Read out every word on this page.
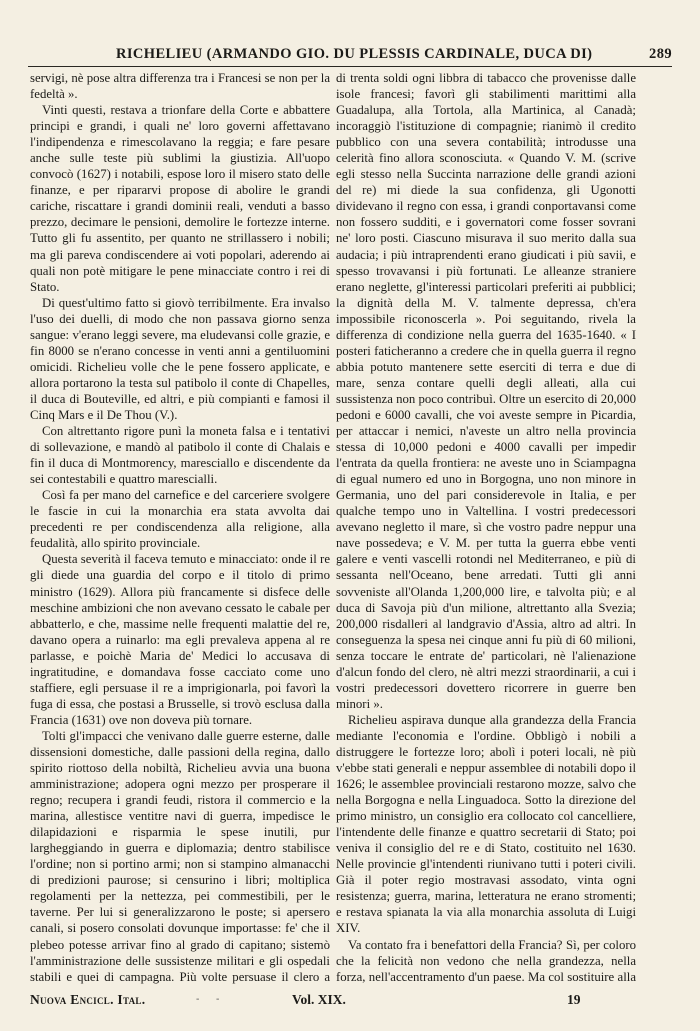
RICHELIEU (ARMANDO GIO. DU PLESSIS CARDINALE, DUCA DI)	289

servigi, nè pose altra differenza tra i Francesi se non per la fedeltà ».

Vinti questi, restava a trionfare della Corte e abbattere principi e grandi, i quali ne' loro governi affettavano l'indipendenza e rimescolavano la reggia; e fare pesare anche sulle teste più sublimi la giustizia. All'uopo convocò (1627) i notabili, espose loro il misero stato delle finanze, e per ripararvi propose di abolire le grandi cariche, riscattare i grandi dominii reali, venduti a basso prezzo, decimare le pensioni, demolire le fortezze interne. Tutto gli fu assentito, per quanto ne strillassero i nobili; ma gli pareva condiscendere ai voti popolari, aderendo ai quali non potè mitigare le pene minacciate contro i rei di Stato.

Di quest'ultimo fatto si giovò terribilmente. Era invalso l'uso dei duelli, di modo che non passava giorno senza sangue: v'erano leggi severe, ma eludevansi colle grazie, e fin 8000 se n'erano concesse in venti anni a gentiluomini omicidi. Richelieu volle che le pene fossero applicate, e allora portarono la testa sul patibolo il conte di Chapelles, il duca di Bouteville, ed altri, e più compianti e famosi il Cinq Mars e il De Thou (V.).

Con altrettanto rigore punì la moneta falsa e i tentativi di sollevazione, e mandò al patibolo il conte di Chalais e fin il duca di Montmorency, maresciallo e discendente da sei contestabili e quattro marescialli.

Così fa per mano del carnefice e del carceriere svolgere le fascie in cui la monarchia era stata avvolta dai precedenti re per condiscendenza alla religione, alla feudalità, allo spirito provinciale.

Questa severità il faceva temuto e minacciato: onde il re gli diede una guardia del corpo e il titolo di primo ministro (1629). Allora più francamente si disfece delle meschine ambizioni che non avevano cessato le cabale per abbatterlo, e che, massime nelle frequenti malattie del re, davano opera a ruinarlo: ma egli prevaleva appena al re parlasse, e poichè Maria de' Medici lo accusava di ingratitudine, e domandava fosse cacciato come uno staffiere, egli persuase il re a imprigionarla, poi favorì la fuga di essa, che postasi a Brusselle, si trovò esclusa dalla Francia (1631) ove non doveva più tornare.

Tolti gl'impacci che venivano dalle guerre esterne, dalle dissensioni domestiche, dalle passioni della regina, dallo spirito riottoso della nobiltà, Richelieu avvia una buona amministrazione; adopera ogni mezzo per prosperare il regno; recupera i grandi feudi, ristora il commercio e la marina, allestisce ventitre navi di guerra, impedisce le dilapidazioni e risparmia le spese inutili, pur largheggiando in guerra e diplomazia; dentro stabilisce l'ordine; non si portino armi; non si stampino almanacchi di predizioni paurose; si censurino i libri; moltiplica regolamenti per la nettezza, pei commestibili, per le taverne. Per lui si generalizzarono le poste; si apersero canali, si posero consolati dovunque importasse: fe' che il plebeo potesse arrivar fino al grado di capitano; sistemò l'amministrazione delle sussistenze militari e gli ospedali stabili e quei di campagna. Più volte persuase il clero a

di trenta soldi ogni libbra di tabacco che provenisse dalle isole francesi; favorì gli stabilimenti marittimi alla Guadalupa, alla Tortola, alla Martinica, al Canadà; incoraggiò l'istituzione di compagnie; rianimò il credito pubblico con una severa contabilità; introdusse una celerità fino allora sconosciuta. « Quando V. M. (scrive egli stesso nella Succinta narrazione delle grandi azioni del re) mi diede la sua confidenza, gli Ugonotti dividevano il regno con essa, i grandi conportavansi come non fossero sudditi, e i governatori come fosser sovrani ne' loro posti. Ciascuno misurava il suo merito dalla sua audacia; i più intraprendenti erano giudicati i più savii, e spesso trovavansi i più fortunati. Le alleanze straniere erano neglette, gl'interessi particolari preferiti ai pubblici; la dignità della M. V. talmente depressa, ch'era impossibile riconoscerla ». Poi seguitando, rivela la differenza di condizione nella guerra del 1635-1640. « I posteri faticheranno a credere che in quella guerra il regno abbia potuto mantenere sette eserciti di terra e due di mare, senza contare quelli degli alleati, alla cui sussistenza non poco contribuì. Oltre un esercito di 20,000 pedoni e 6000 cavalli, che voi aveste sempre in Picardia, per attaccar i nemici, n'aveste un altro nella provincia stessa di 10,000 pedoni e 4000 cavalli per impedir l'entrata da quella frontiera: ne aveste uno in Sciampagna di egual numero ed uno in Borgogna, uno non minore in Germania, uno del pari considerevole in Italia, e per qualche tempo uno in Valtellina. I vostri predecessori avevano negletto il mare, sì che vostro padre neppur una nave possedeva; e V. M. per tutta la guerra ebbe venti galere e venti vascelli rotondi nel Mediterraneo, e più di sessanta nell'Oceano, bene arredati. Tutti gli anni sovveniste all'Olanda 1,200,000 lire, e talvolta più; e al duca di Savoja più d'un milione, altrettanto alla Svezia; 200,000 risdalleri al landgravio d'Assia, altro ad altri. In conseguenza la spesa nei cinque anni fu più di 60 milioni, senza toccare le entrate de' particolari, nè l'alienazione d'alcun fondo del clero, nè altri mezzi straordinarii, a cui i vostri predecessori dovettero ricorrere in guerre ben minori ».

Richelieu aspirava dunque alla grandezza della Francia mediante l'economia e l'ordine. Obbligò i nobili a distruggere le fortezze loro; abolì i poteri locali, nè più v'ebbe stati generali e neppur assemblee di notabili dopo il 1626; le assemblee provinciali restarono mozze, salvo che nella Borgogna e nella Linguadoca. Sotto la direzione del primo ministro, un consiglio era collocato col cancelliere, l'intendente delle finanze e quattro secretarii di Stato; poi veniva il consiglio del re e di Stato, costituito nel 1630. Nelle provincie gl'intendenti riunivano tutti i poteri civili. Già il poter regio mostravasi assodato, vinta ogni resistenza; guerra, marina, letteratura ne erano stromenti; e restava spianata la via alla monarchia assoluta di Luigi XIV.

Va contato fra i benefattori della Francia? Sì, per coloro che la felicità non vedono che nella grandezza, nella forza, nell'accentramento d'un paese. Ma col sostituire alla

Nuova Encicl. Ital.	Vol. XIX.	19
- -
